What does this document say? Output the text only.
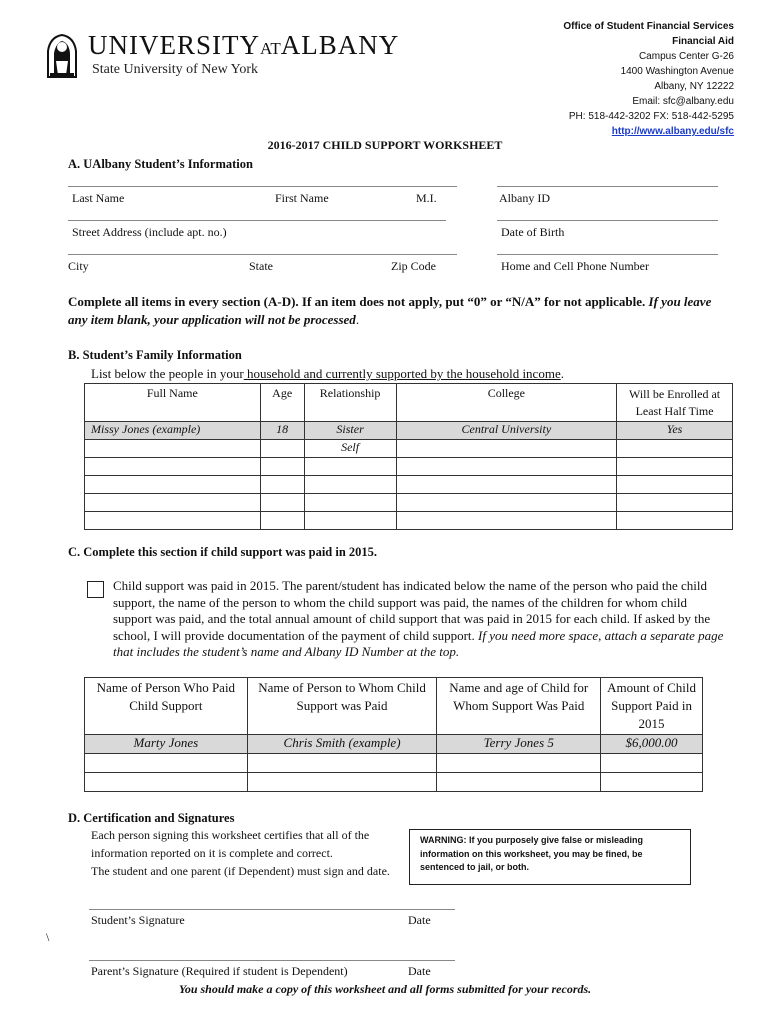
UNIVERSITYATALBANY
State University of New York
Office of Student Financial Services
Financial Aid
Campus Center G-26
1400 Washington Avenue
Albany, NY 12222
Email: sfc@albany.edu
PH: 518-442-3202 FX: 518-442-5295
http://www.albany.edu/sfc
2016-2017 CHILD SUPPORT WORKSHEET
A. UAlbany Student’s Information
Last Name	First Name	M.I.	Albany ID
Street Address (include apt. no.)	Date of Birth
City	State	Zip Code	Home and Cell Phone Number
Complete all items in every section (A-D). If an item does not apply, put “0” or “N/A” for not applicable. If you leave any item blank, your application will not be processed.
B. Student’s Family Information
List below the people in your household and currently supported by the household income.
Full Name	Age	Relationship	College	Will be Enrolled at Least Half Time
Missy Jones (example)	18	Sister	Central University	Yes
		Self		

C. Complete this section if child support was paid in 2015.
Child support was paid in 2015. The parent/student has indicated below the name of the person who paid the child support, the name of the person to whom the child support was paid, the names of the children for whom child support was paid, and the total annual amount of child support that was paid in 2015 for each child. If asked by the school, I will provide documentation of the payment of child support. If you need more space, attach a separate page that includes the student’s name and Albany ID Number at the top.
Name of Person Who Paid Child Support	Name of Person to Whom Child Support was Paid	Name and age of Child for Whom Support Was Paid	Amount of Child Support Paid in 2015
Marty Jones	Chris Smith (example)	Terry Jones 5	$6,000.00

D. Certification and Signatures
Each person signing this worksheet certifies that all of the
information reported on it is complete and correct.
The student and one parent (if Dependent) must sign and date.
WARNING: If you purposely give false or misleading information on this worksheet, you may be fined, be sentenced to jail, or both.
Student’s Signature	Date
\
Parent’s Signature (Required if student is Dependent)	Date
You should make a copy of this worksheet and all forms submitted for your records.
